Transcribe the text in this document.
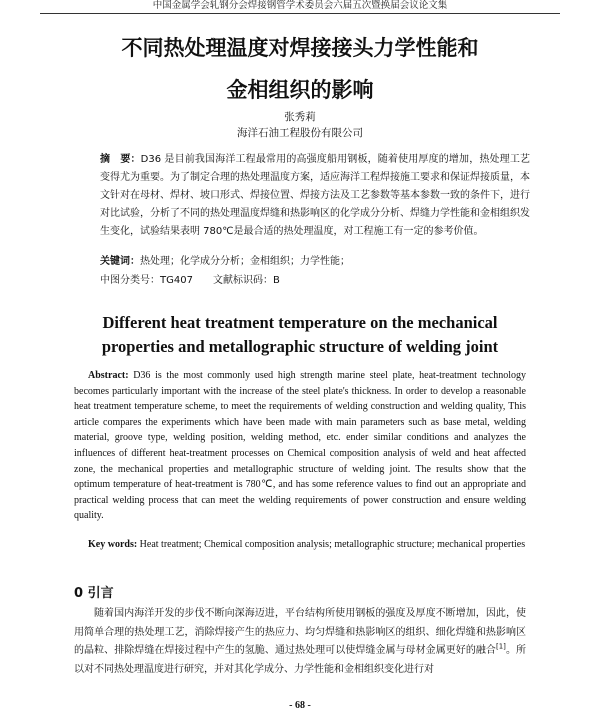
中国金属学会轧钢分会焊接钢管学术委员会六届五次暨换届会议论文集
不同热处理温度对焊接接头力学性能和
金相组织的影响
张秀莉
海洋石油工程股份有限公司
摘　要：D36 是目前我国海洋工程最常用的高强度船用钢板，随着使用厚度的增加，热处理工艺变得尤为重要。为了制定合理的热处理温度方案，适应海洋工程焊接施工要求和保证焊接质量，本文针对在母材、焊材、坡口形式、焊接位置、焊接方法及工艺参数等基本参数一致的条件下，进行对比试验，分析了不同的热处理温度焊缝和热影响区的化学成分分析、焊缝力学性能和金相组织发生变化，试验结果表明 780℃是最合适的热处理温度，对工程施工有一定的参考价值。
关键词：热处理；化学成分分析；金相组织；力学性能；
中图分类号：TG407　　文献标识码：B
Different heat treatment temperature on the mechanical
properties and metallographic structure of welding joint
Abstract: D36 is the most commonly used high strength marine steel plate, heat-treatment technology becomes particularly important with the increase of the steel plate's thickness. In order to develop a reasonable heat treatment temperature scheme, to meet the requirements of welding construction and welding quality, This article compares the experiments which have been made with main parameters such as base metal, welding material, groove type, welding position, welding method, etc. ender similar conditions and analyzes the influences of different heat-treatment processes on Chemical composition analysis of weld and heat affected zone, the mechanical properties and metallographic structure of welding joint. The results show that the optimum temperature of heat-treatment is 780℃, and has some reference values to find out an appropriate and practical welding process that can meet the welding requirements of power construction and ensure welding quality.
Key words: Heat treatment; Chemical composition analysis; metallographic structure; mechanical properties
0 引言
随着国内海洋开发的步伐不断向深海迈进，平台结构所使用钢板的强度及厚度不断增加，因此，使用简单合理的热处理工艺，消除焊接产生的热应力、均匀焊缝和热影响区的组织、细化焊缝和热影响区的晶粒、排除焊缝在焊接过程中产生的氢脆、通过热处理可以使焊缝金属与母材金属更好的融合[1]。所以对不同热处理温度进行研究，并对其化学成分、力学性能和金相组织变化进行对
- 68 -
